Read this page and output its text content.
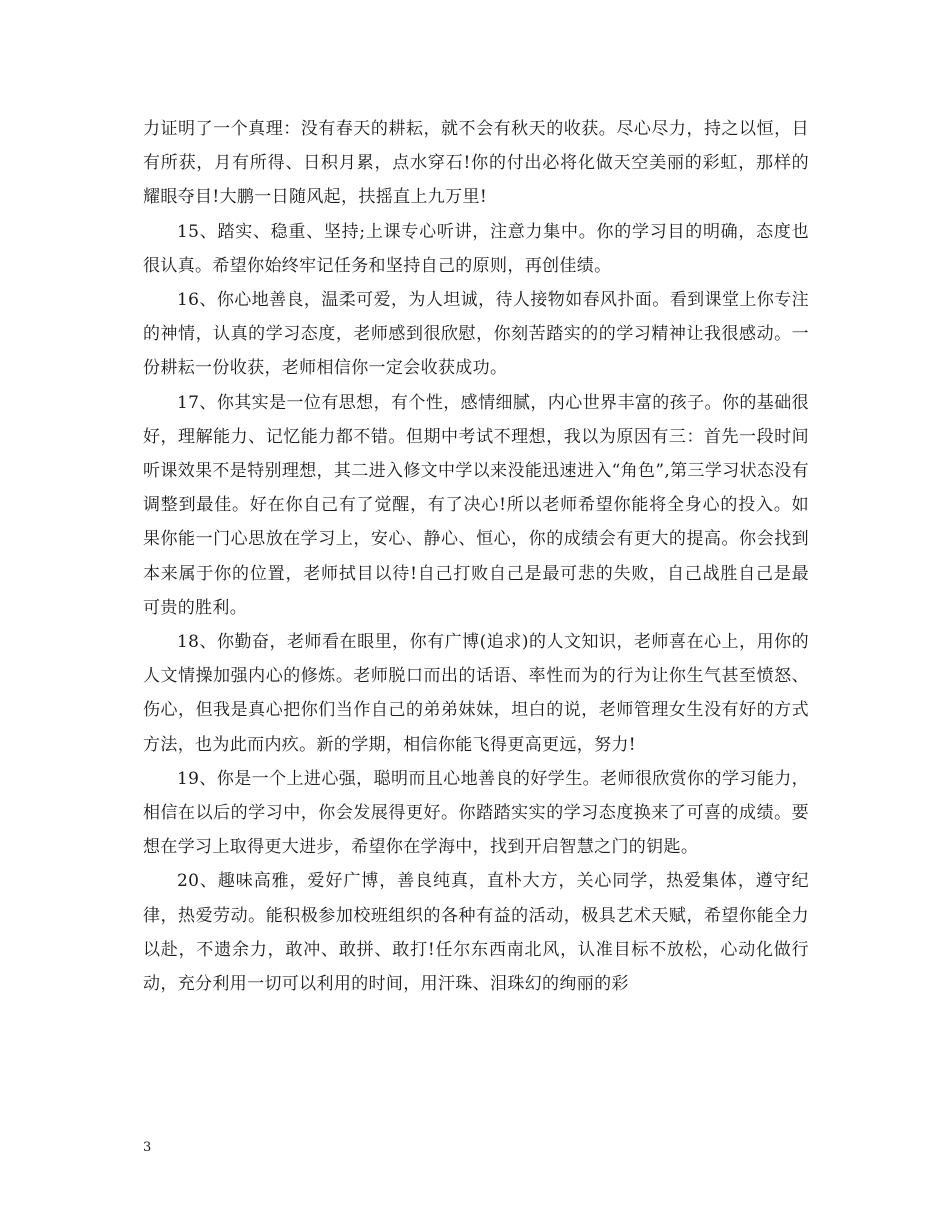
力证明了一个真理：没有春天的耕耘，就不会有秋天的收获。尽心尽力，持之以恒，日有所获，月有所得、日积月累，点水穿石!你的付出必将化做天空美丽的彩虹，那样的耀眼夺目!大鹏一日随风起，扶摇直上九万里!

15、踏实、稳重、坚持;上课专心听讲，注意力集中。你的学习目的明确，态度也很认真。希望你始终牢记任务和坚持自己的原则，再创佳绩。

16、你心地善良，温柔可爱，为人坦诚，待人接物如春风扑面。看到课堂上你专注的神情，认真的学习态度，老师感到很欣慰，你刻苦踏实的的学习精神让我很感动。一份耕耘一份收获，老师相信你一定会收获成功。

17、你其实是一位有思想，有个性，感情细腻，内心世界丰富的孩子。你的基础很好，理解能力、记忆能力都不错。但期中考试不理想，我以为原因有三：首先一段时间听课效果不是特别理想，其二进入修文中学以来没能迅速进入“角色”,第三学习状态没有调整到最佳。好在你自己有了觉醒，有了决心!所以老师希望你能将全身心的投入。如果你能一门心思放在学习上，安心、静心、恒心，你的成绩会有更大的提高。你会找到本来属于你的位置，老师拭目以待!自己打败自己是最可悲的失败，自己战胜自己是最可贵的胜利。

18、你勤奋，老师看在眼里，你有广博(追求)的人文知识，老师喜在心上，用你的人文情操加强内心的修炼。老师脱口而出的话语、率性而为的行为让你生气甚至愤怒、伤心，但我是真心把你们当作自己的弟弟妹妹，坦白的说，老师管理女生没有好的方式方法，也为此而内疚。新的学期，相信你能飞得更高更远，努力!

19、你是一个上进心强，聪明而且心地善良的好学生。老师很欣赏你的学习能力，相信在以后的学习中，你会发展得更好。你踏踏实实的学习态度换来了可喜的成绩。要想在学习上取得更大进步，希望你在学海中，找到开启智慧之门的钥匙。

20、趣味高雅，爱好广博，善良纯真，直朴大方，关心同学，热爱集体，遵守纪律，热爱劳动。能积极参加校班组织的各种有益的活动，极具艺术天赋，希望你能全力以赴，不遗余力，敢冲、敢拼、敢打!任尔东西南北风，认准目标不放松，心动化做行动，充分利用一切可以利用的时间，用汗珠、泪珠幻的绚丽的彩

3
